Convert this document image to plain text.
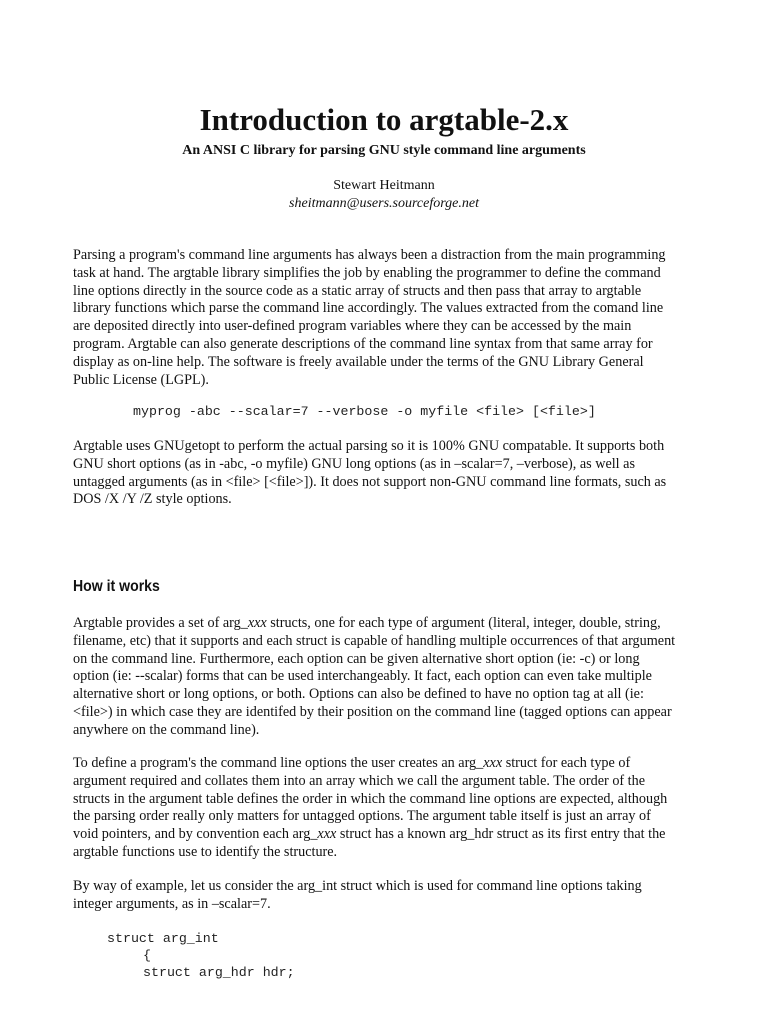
Introduction to argtable-2.x

An ANSI C library for parsing GNU style command line arguments

Stewart Heitmann

sheitmann@users.sourceforge.net

Parsing a program's command line arguments has always been a distraction from the main programming
task at hand. The argtable library simplifies the job by enabling the programmer to define the command
line options directly in the source code as a static array of structs and then pass that array to argtable
library functions which parse the command line accordingly. The values extracted from the comand line
are deposited directly into user-defined program variables where they can be accessed by the main
program. Argtable can also generate descriptions of the command line syntax from that same array for
display as on-line help. The software is freely available under the terms of the GNU Library General
Public License (LGPL).

myprog -abc --scalar=7 --verbose -o myfile <file> [<file>]

Argtable uses GNUgetopt to perform the actual parsing so it is 100% GNU compatable. It supports both
GNU short options (as in -abc, -o myfile) GNU long options (as in –scalar=7, –verbose), as well as
untagged arguments (as in <file> [<file>]). It does not support non-GNU command line formats, such as
DOS /X /Y /Z style options.

How it works

Argtable provides a set of arg_xxx structs, one for each type of argument (literal, integer, double, string,
filename, etc) that it supports and each struct is capable of handling multiple occurrences of that argument
on the command line. Furthermore, each option can be given alternative short option (ie: -c) or long
option (ie: --scalar) forms that can be used interchangeably. It fact, each option can even take multiple
alternative short or long options, or both. Options can also be defined to have no option tag at all (ie:
<file>) in which case they are identifed by their position on the command line (tagged options can appear
anywhere on the command line).

To define a program's the command line options the user creates an arg_xxx struct for each type of
argument required and collates them into an array which we call the argument table. The order of the
structs in the argument table defines the order in which the command line options are expected, although
the parsing order really only matters for untagged options. The argument table itself is just an array of
void pointers, and by convention each arg_xxx struct has a known arg_hdr struct as its first entry that the
argtable functions use to identify the structure.

By way of example, let us consider the arg_int struct which is used for command line options taking
integer arguments, as in –scalar=7.

struct arg_int
{
struct arg_hdr hdr;
